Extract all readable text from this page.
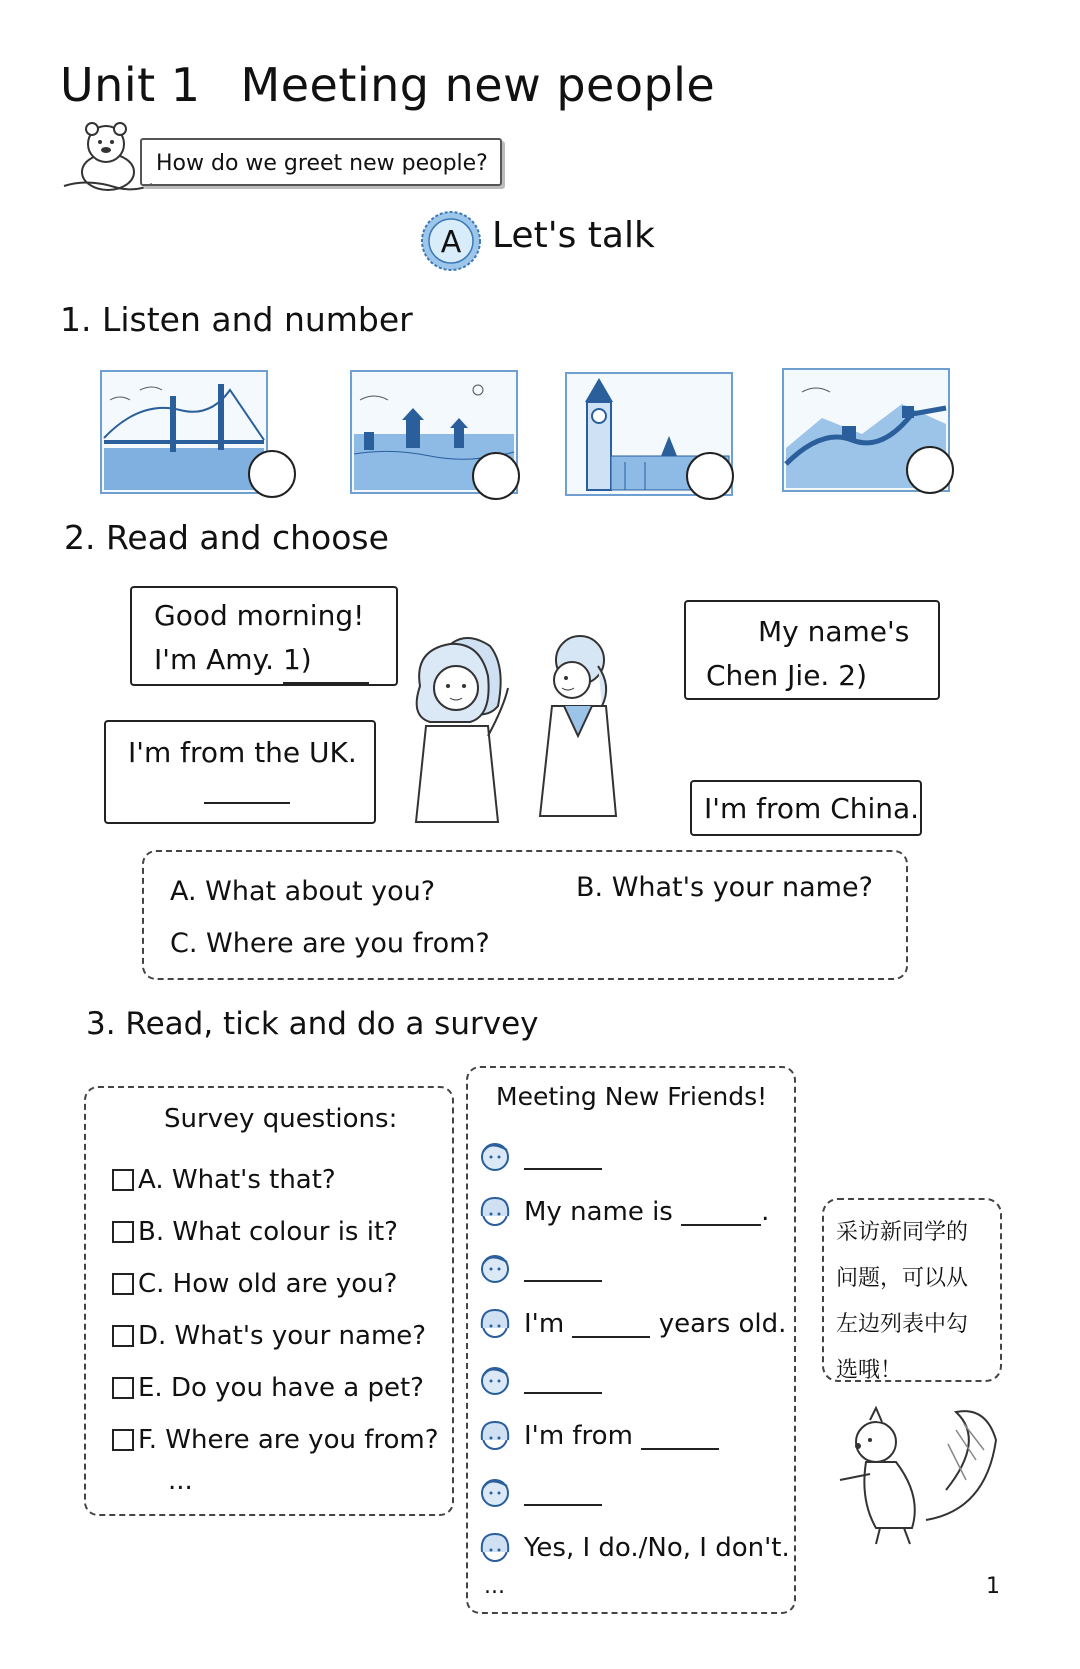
Unit 1 Meeting new people
How do we greet new people?
A Let's talk
1. Listen and number
2. Read and choose
Good morning!
I'm Amy. 1)
I'm from the UK.
My name's
Chen Jie. 2)
I'm from China.
A. What about you?	B. What's your name?
C. Where are you from?
3. Read, tick and do a survey
Survey questions:
A. What's that?
B. What colour is it?
C. How old are you?
D. What's your name?
E. Do you have a pet?
F. Where are you from?
...
Meeting New Friends!
My name is
	.
I'm

	years old.
I'm from

Yes, I do./No, I don't.
...
采访新同学的
问题，可以从
左边列表中勾
选哦！
1
